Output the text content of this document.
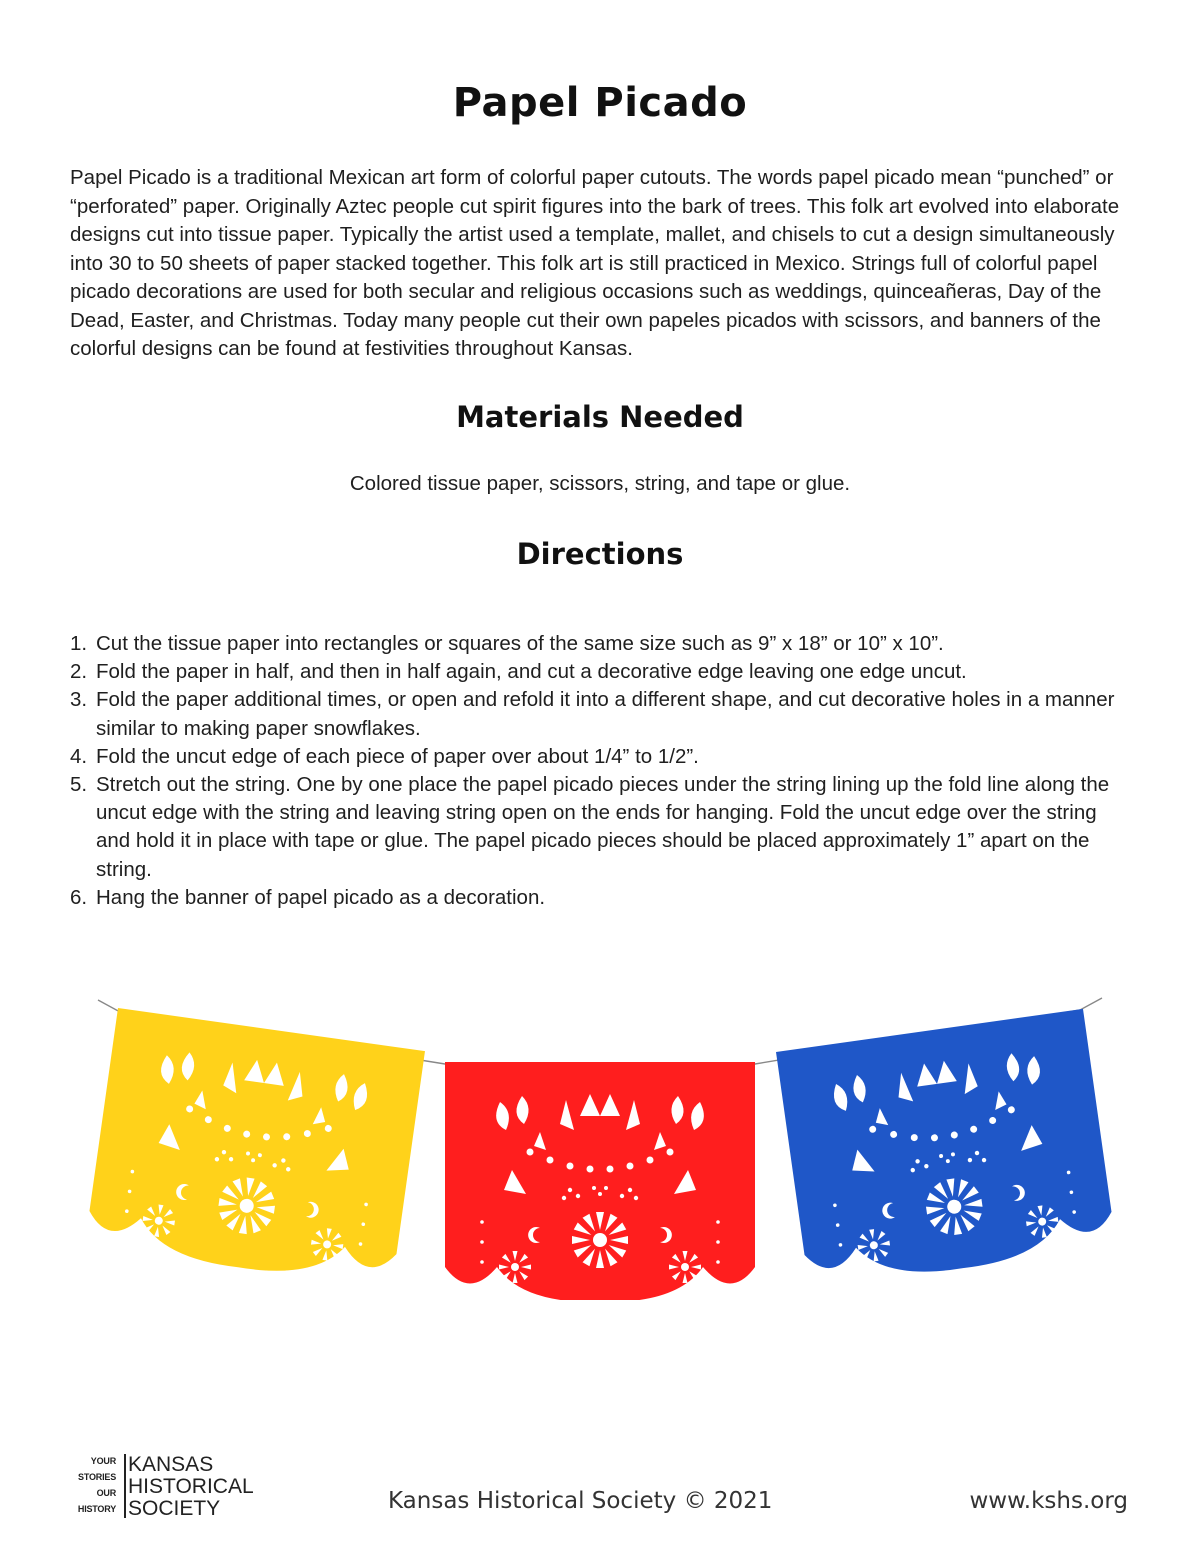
Papel Picado

Papel Picado is a traditional Mexican art form of colorful paper cutouts. The words papel picado mean “punched” or “perforated” paper. Originally Aztec people cut spirit figures into the bark of trees. This folk art evolved into elaborate designs cut into tissue paper. Typically the artist used a template, mallet, and chisels to cut a design simultaneously into 30 to 50 sheets of paper stacked together. This folk art is still practiced in Mexico. Strings full of colorful papel picado decorations are used for both secular and religious occasions such as weddings, quinceañeras, Day of the Dead, Easter, and Christmas. Today many people cut their own papeles picados with scissors, and banners of the colorful designs can be found at festivities throughout Kansas.

Materials Needed
Colored tissue paper, scissors, string, and tape or glue.
Directions
1. Cut the tissue paper into rectangles or squares of the same size such as 9” x 18” or 10” x 10”.
2. Fold the paper in half, and then in half again, and cut a decorative edge leaving one edge uncut.
3. Fold the paper additional times, or open and refold it into a different shape, and cut decorative holes in a manner similar to making paper snowflakes.
4. Fold the uncut edge of each piece of paper over about 1/4” to 1/2”.
5. Stretch out the string. One by one place the papel picado pieces under the string lining up the fold line along the uncut edge with the string and leaving string open on the ends for hanging. Fold the uncut edge over the string and hold it in place with tape or glue. The papel picado pieces should be placed approximately 1” apart on the string.
6. Hang the banner of papel picado as a decoration.
YOUR
STORIES
OUR
HISTORY
KANSAS
HISTORICAL
SOCIETY	Kansas Historical Society © 2021	www.kshs.org
